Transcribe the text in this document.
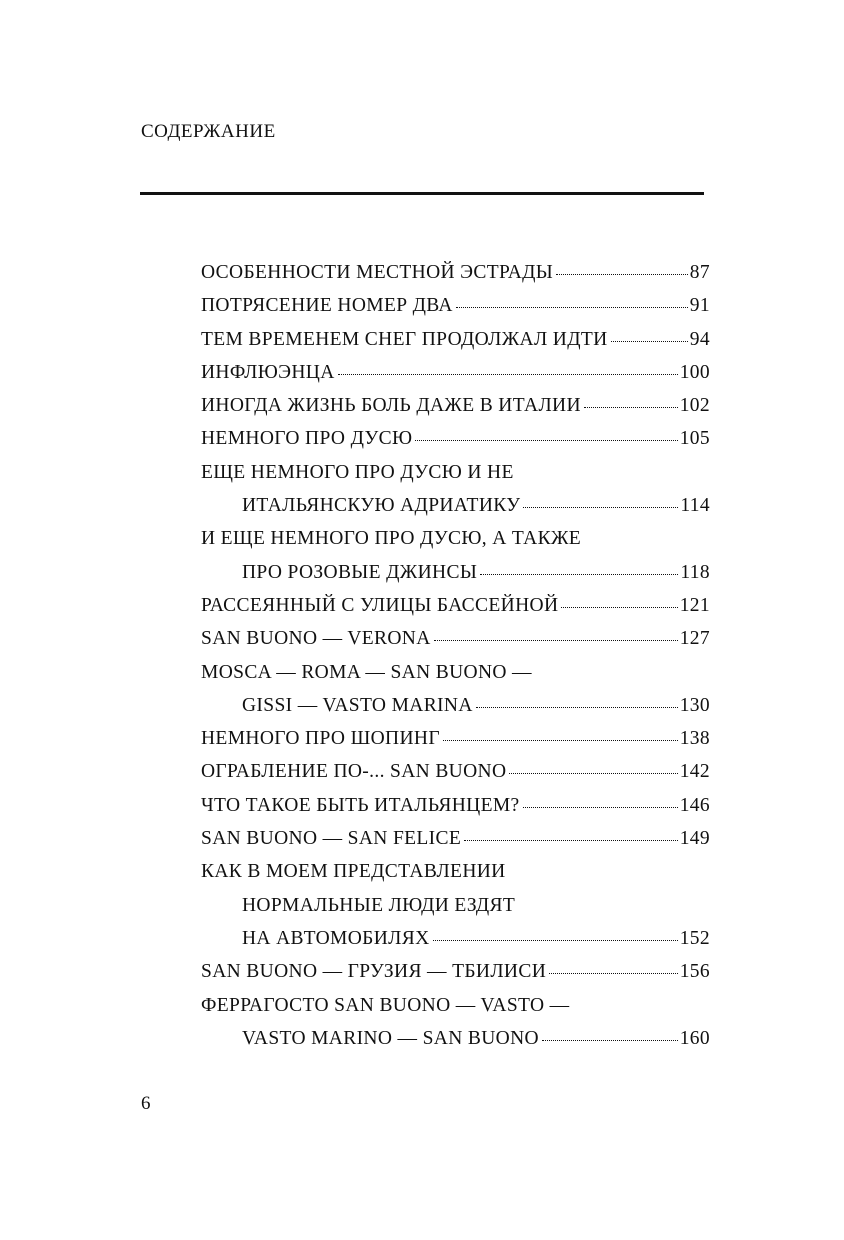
СОДЕРЖАНИЕ
ОСОБЕННОСТИ МЕСТНОЙ ЭСТРАДЫ	87
ПОТРЯСЕНИЕ НОМЕР ДВА	91
ТЕМ ВРЕМЕНЕМ СНЕГ ПРОДОЛЖАЛ ИДТИ	94
ИНФЛЮЭНЦА	100
ИНОГДА ЖИЗНЬ БОЛЬ ДАЖЕ В ИТАЛИИ	102
НЕМНОГО ПРО ДУСЮ	105
ЕЩЕ НЕМНОГО ПРО ДУСЮ И НЕ
ИТАЛЬЯНСКУЮ АДРИАТИКУ	114
И ЕЩЕ НЕМНОГО ПРО ДУСЮ, А ТАКЖЕ
ПРО РОЗОВЫЕ ДЖИНСЫ	118
РАССЕЯННЫЙ С УЛИЦЫ БАССЕЙНОЙ	121
SAN BUONO — VERONA	127
MOSCA — ROMA — SAN BUONO —
GISSI — VASTO MARINA	130
НЕМНОГО ПРО ШОПИНГ	138
ОГРАБЛЕНИЕ ПО-... SAN BUONO	142
ЧТО ТАКОЕ БЫТЬ ИТАЛЬЯНЦЕМ?	146
SAN BUONO — SAN FELICE	149
КАК В МОЕМ ПРЕДСТАВЛЕНИИ
НОРМАЛЬНЫЕ ЛЮДИ ЕЗДЯТ
НА АВТОМОБИЛЯХ	152
SAN BUONO — ГРУЗИЯ — ТБИЛИСИ	156
ФЕРРАГОСТО SAN BUONO — VASTO —
VASTO MARINO — SAN BUONO	160
6
